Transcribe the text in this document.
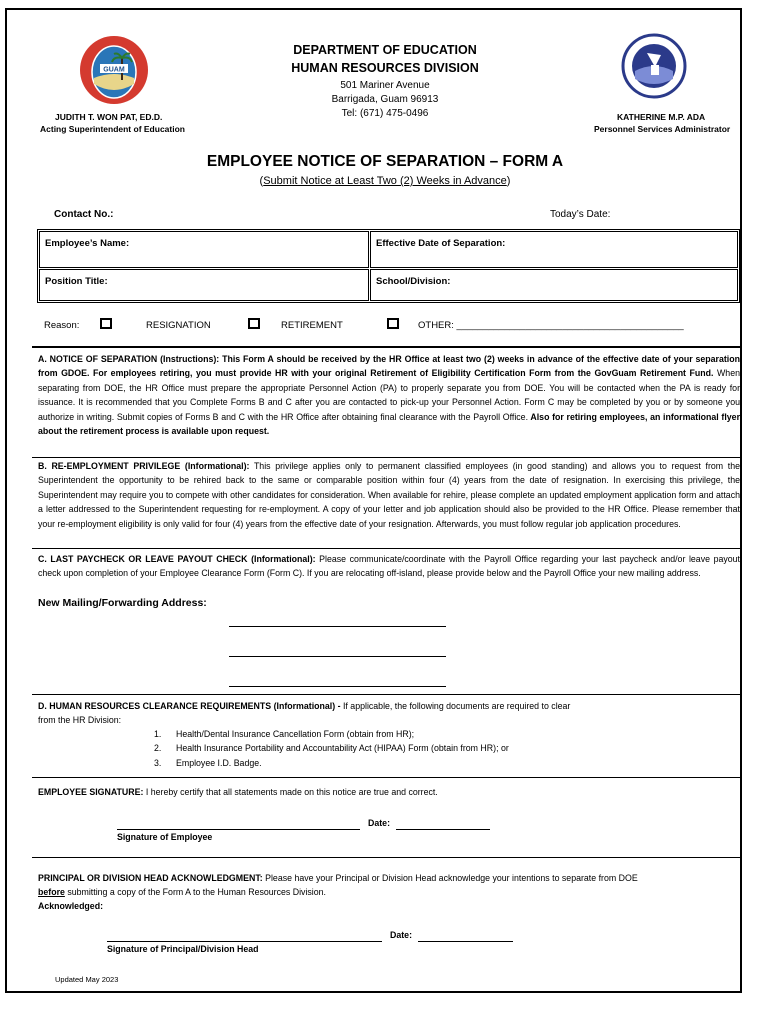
GUAM
DEPARTMENT OF EDUCATION
HUMAN RESOURCES DIVISION
501 Mariner Avenue
Barrigada, Guam 96913
Tel: (671) 475-0496
JUDITH T. WON PAT, ED.D.
Acting Superintendent of Education
KATHERINE M.P. ADA
Personnel Services Administrator
EMPLOYEE NOTICE OF SEPARATION – FORM A
(Submit Notice at Least Two (2) Weeks in Advance)
Contact No.:	Today’s Date:
Employee’s Name:	Effective Date of Separation:
Position Title:	School/Division:
Reason:	RESIGNATION	RETIREMENT	OTHER: ___________________________________________
A. NOTICE OF SEPARATION (Instructions): This Form A should be received by the HR Office at least two (2) weeks in advance of the effective date of your separation from GDOE. For employees retiring, you must provide HR with your original Retirement of Eligibility Certification Form from the GovGuam Retirement Fund. When separating from DOE, the HR Office must prepare the appropriate Personnel Action (PA) to properly separate you from DOE. You will be contacted when the PA is ready for issuance. It is recommended that you Complete Forms B and C after you are contacted to pick-up your Personnel Action. Form C may be completed by you or by someone you authorize in writing. Submit copies of Forms B and C with the HR Office after obtaining final clearance with the Payroll Office. Also for retiring employees, an informational flyer about the retirement process is available upon request.
B. RE-EMPLOYMENT PRIVILEGE (Informational): This privilege applies only to permanent classified employees (in good standing) and allows you to request from the Superintendent the opportunity to be rehired back to the same or comparable position within four (4) years from the date of resignation. In exercising this privilege, the Superintendent may require you to compete with other candidates for consideration. When available for rehire, please complete an updated employment application form and attach a letter addressed to the Superintendent requesting for re-employment. A copy of your letter and job application should also be provided to the HR Office. Please remember that your re-employment eligibility is only valid for four (4) years from the effective date of your resignation. Afterwards, you must follow regular job application procedures.
C. LAST PAYCHECK OR LEAVE PAYOUT CHECK (Informational): Please communicate/coordinate with the Payroll Office regarding your last paycheck and/or leave payout check upon completion of your Employee Clearance Form (Form C). If you are relocating off-island, please provide below and the Payroll Office your new mailing address.
New Mailing/Forwarding Address:
D. HUMAN RESOURCES CLEARANCE REQUIREMENTS (Informational) - If applicable, the following documents are required to clear
from the HR Division:
1. Health/Dental Insurance Cancellation Form (obtain from HR);
2. Health Insurance Portability and Accountability Act (HIPAA) Form (obtain from HR); or
3. Employee I.D. Badge.
EMPLOYEE SIGNATURE: I hereby certify that all statements made on this notice are true and correct.
Date:
Signature of Employee
PRINCIPAL OR DIVISION HEAD ACKNOWLEDGMENT: Please have your Principal or Division Head acknowledge your intentions to separate from DOE
before submitting a copy of the Form A to the Human Resources Division.
Acknowledged:
Date:
Signature of Principal/Division Head
Updated May 2023
